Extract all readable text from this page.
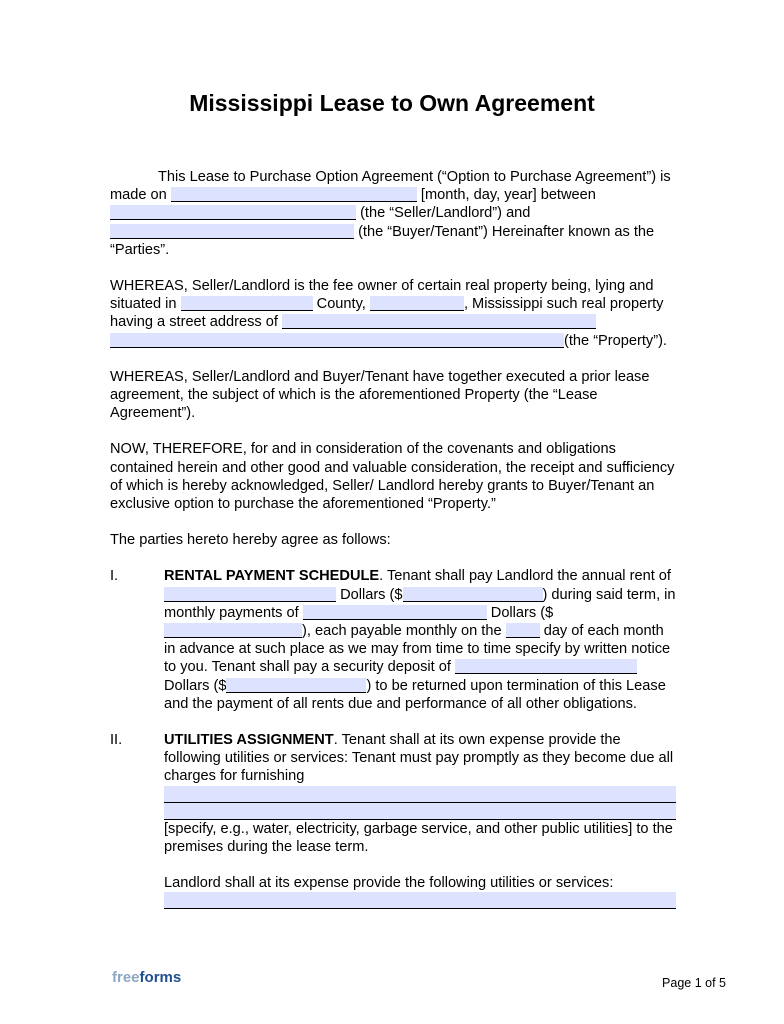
Mississippi Lease to Own Agreement

This Lease to Purchase Option Agreement (“Option to Purchase Agreement”) is made on	[month, day, year] between  (the “Seller/Landlord”) and  (the “Buyer/Tenant”) Hereinafter known as the “Parties”.

WHEREAS, Seller/Landlord is the fee owner of certain real property being, lying and situated in	County,	, Mississippi such real property having a street address of  (the “Property”).

WHEREAS, Seller/Landlord and Buyer/Tenant have together executed a prior lease agreement, the subject of which is the aforementioned Property (the “Lease Agreement”).

NOW, THEREFORE, for and in consideration of the covenants and obligations contained herein and other good and valuable consideration, the receipt and sufficiency of which is hereby acknowledged, Seller/ Landlord hereby grants to Buyer/Tenant an exclusive option to purchase the aforementioned “Property.”

The parties hereto hereby agree as follows:

I.	RENTAL PAYMENT SCHEDULE. Tenant shall pay Landlord the annual rent of  Dollars ($	) during said term, in monthly payments of	Dollars ($), each payable monthly on the	day of each month in advance at such place as we may from time to time specify by written notice to you. Tenant shall pay a security deposit of  Dollars ($	) to be returned upon termination of this Lease and the payment of all rents due and performance of all other obligations.
II.	UTILITIES ASSIGNMENT. Tenant shall at its own expense provide the following utilities or services: Tenant must pay promptly as they become due all charges for furnishing
[specify, e.g., water, electricity, garbage service, and other public utilities] to the premises during the lease term.
Landlord shall at its expense provide the following utilities or services:
freeforms	Page 1 of 5
